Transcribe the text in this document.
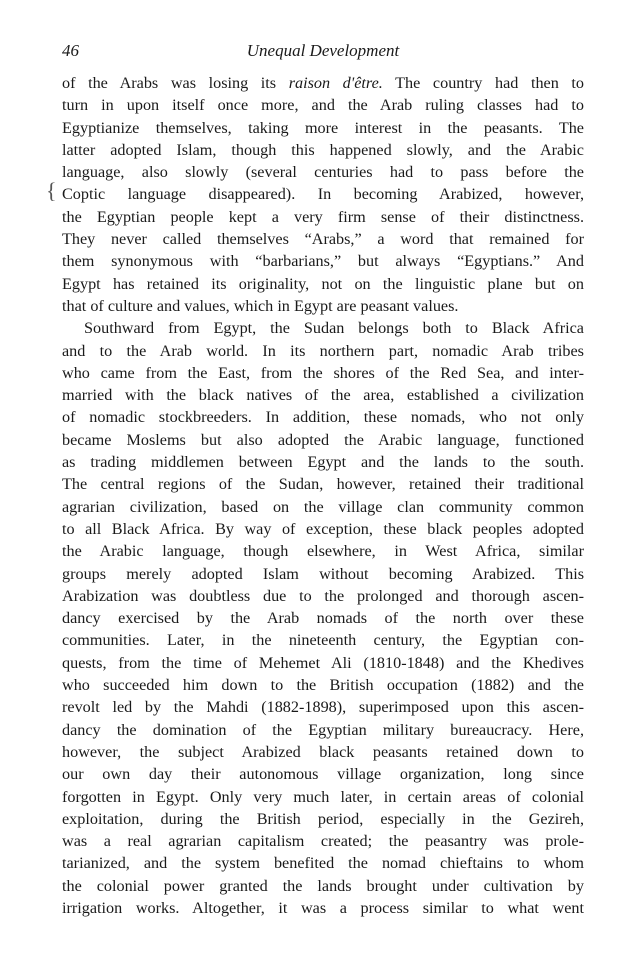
46	Unequal Development
{
of the Arabs was losing its raison d'être. The country had then to
turn in upon itself once more, and the Arab ruling classes had to
Egyptianize themselves, taking more interest in the peasants. The
latter adopted Islam, though this happened slowly, and the Arabic
language, also slowly (several centuries had to pass before the
Coptic language disappeared). In becoming Arabized, however,
the Egyptian people kept a very firm sense of their distinctness.
They never called themselves “Arabs,” a word that remained for
them synonymous with “barbarians,” but always “Egyptians.” And
Egypt has retained its originality, not on the linguistic plane but on
that of culture and values, which in Egypt are peasant values.
Southward from Egypt, the Sudan belongs both to Black Africa
and to the Arab world. In its northern part, nomadic Arab tribes
who came from the East, from the shores of the Red Sea, and inter-
married with the black natives of the area, established a civilization
of nomadic stockbreeders. In addition, these nomads, who not only
became Moslems but also adopted the Arabic language, functioned
as trading middlemen between Egypt and the lands to the south.
The central regions of the Sudan, however, retained their traditional
agrarian civilization, based on the village clan community common
to all Black Africa. By way of exception, these black peoples adopted
the Arabic language, though elsewhere, in West Africa, similar
groups merely adopted Islam without becoming Arabized. This
Arabization was doubtless due to the prolonged and thorough ascen-
dancy exercised by the Arab nomads of the north over these
communities. Later, in the nineteenth century, the Egyptian con-
quests, from the time of Mehemet Ali (1810-1848) and the Khedives
who succeeded him down to the British occupation (1882) and the
revolt led by the Mahdi (1882-1898), superimposed upon this ascen-
dancy the domination of the Egyptian military bureaucracy. Here,
however, the subject Arabized black peasants retained down to
our own day their autonomous village organization, long since
forgotten in Egypt. Only very much later, in certain areas of colonial
exploitation, during the British period, especially in the Gezireh,
was a real agrarian capitalism created; the peasantry was prole-
tarianized, and the system benefited the nomad chieftains to whom
the colonial power granted the lands brought under cultivation by
irrigation works. Altogether, it was a process similar to what went
